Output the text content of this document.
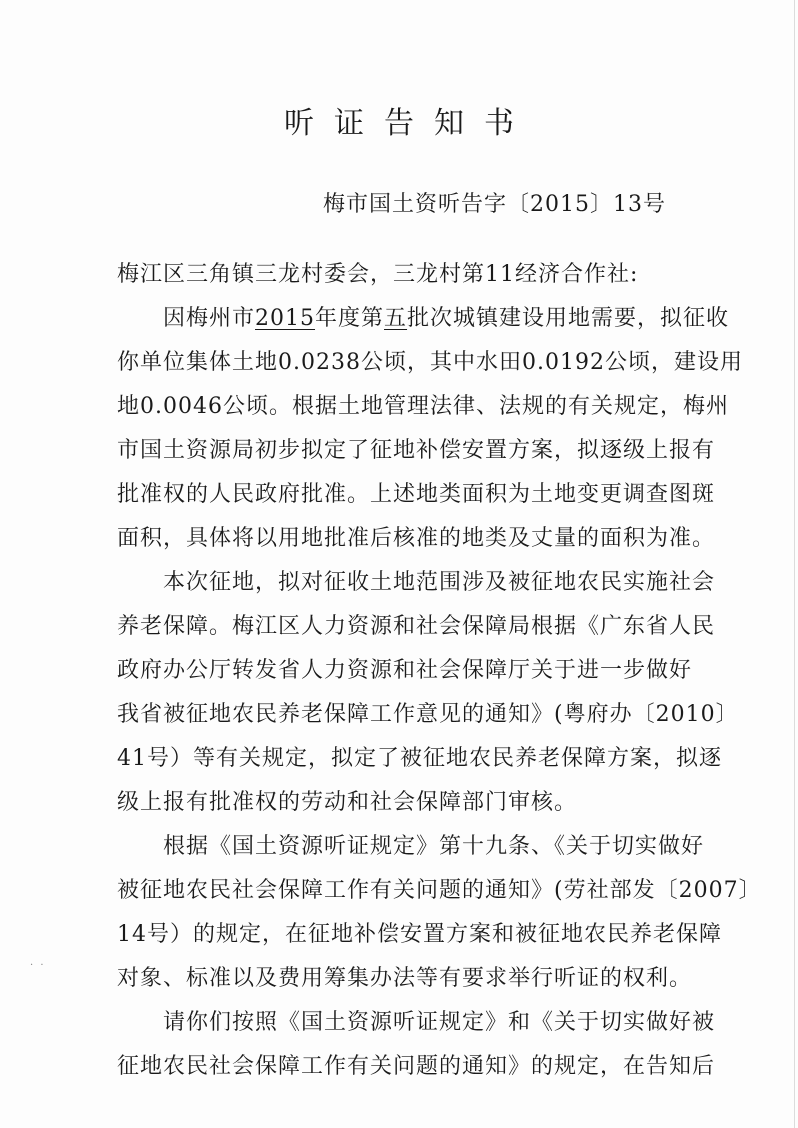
听证告知书
梅市国土资听告字〔2015〕13号
梅江区三角镇三龙村委会，三龙村第11经济合作社:
因梅州市2015年度第五批次城镇建设用地需要，拟征收
你单位集体土地0.0238公顷，其中水田0.0192公顷，建设用
地0.0046公顷。根据土地管理法律、法规的有关规定，梅州
市国土资源局初步拟定了征地补偿安置方案，拟逐级上报有
批准权的人民政府批准。上述地类面积为土地变更调查图斑
面积，具体将以用地批准后核准的地类及丈量的面积为准。
本次征地，拟对征收土地范围涉及被征地农民实施社会
养老保障。梅江区人力资源和社会保障局根据《广东省人民
政府办公厅转发省人力资源和社会保障厅关于进一步做好
我省被征地农民养老保障工作意见的通知》(粤府办〔2010〕
41号）等有关规定，拟定了被征地农民养老保障方案，拟逐
级上报有批准权的劳动和社会保障部门审核。
根据《国土资源听证规定》第十九条、《关于切实做好
被征地农民社会保障工作有关问题的通知》(劳社部发〔2007〕
14号）的规定，在征地补偿安置方案和被征地农民养老保障
对象、标准以及费用筹集办法等有要求举行听证的权利。
请你们按照《国土资源听证规定》和《关于切实做好被
征地农民社会保障工作有关问题的通知》的规定，在告知后
· ·
